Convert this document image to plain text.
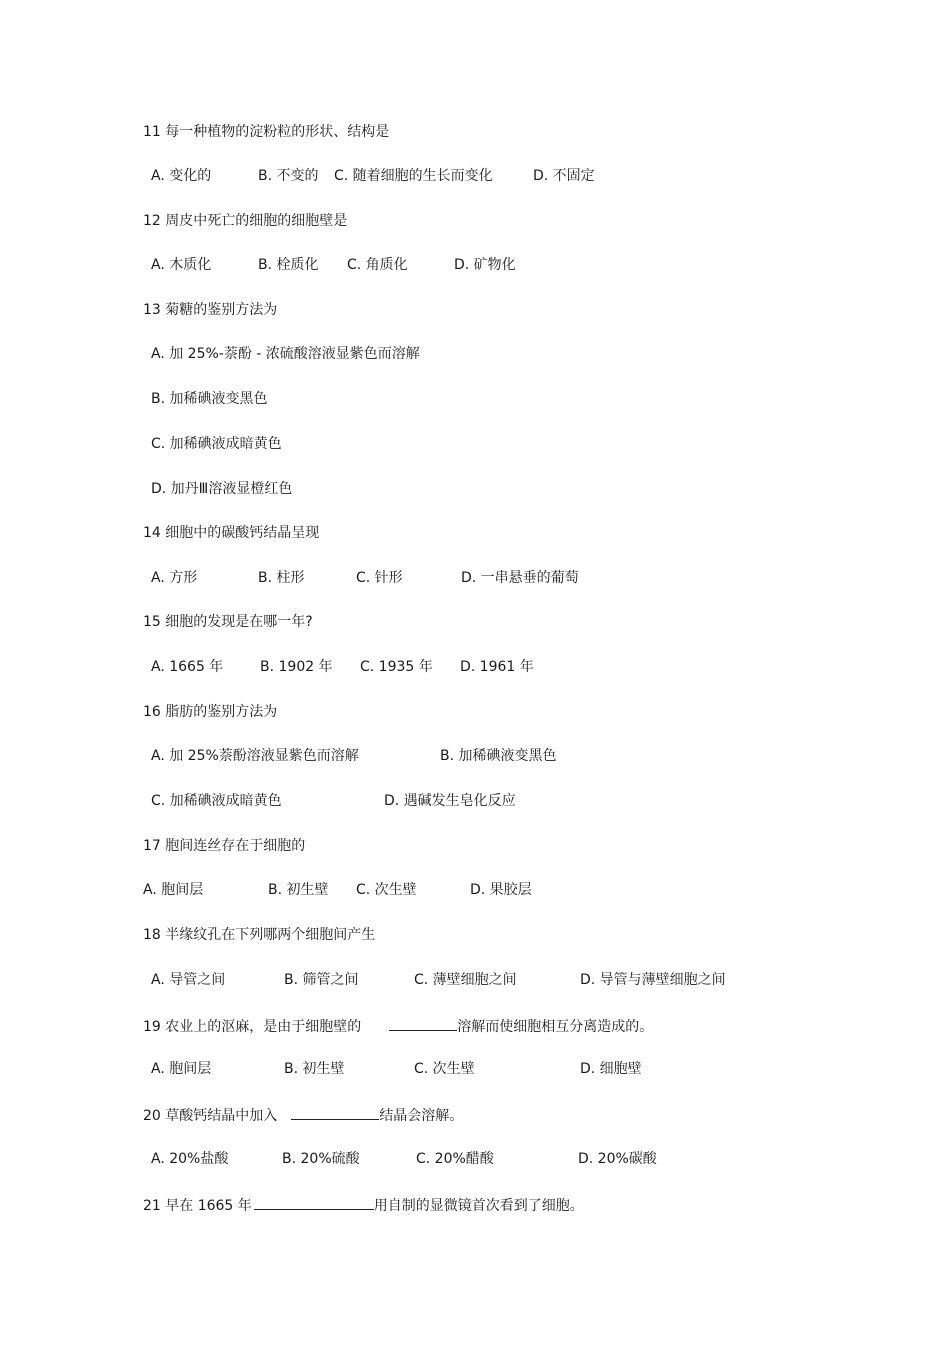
11 每一种植物的淀粉粒的形状、结构是
A. 变化的	B. 不变的 C. 随着细胞的生长而变化	D. 不固定
12 周皮中死亡的细胞的细胞壁是
A. 木质化	B. 栓质化 C. 角质化	D. 矿物化
13 菊糖的鉴别方法为
A. 加 25%-萘酚 - 浓硫酸溶液显紫色而溶解
B. 加稀碘液变黑色
C. 加稀碘液成暗黄色
D. 加丹Ⅲ溶液显橙红色
14 细胞中的碳酸钙结晶呈现
A. 方形	B. 柱形	C. 针形	D. 一串悬垂的葡萄
15 细胞的发现是在哪一年?
A. 1665 年	B. 1902 年 C. 1935 年 D. 1961 年
16 脂肪的鉴别方法为
A. 加 25%萘酚溶液显紫色而溶解	B. 加稀碘液变黑色
C. 加稀碘液成暗黄色	D. 遇碱发生皂化反应
17 胞间连丝存在于细胞的
A. 胞间层	B. 初生壁 C. 次生壁	D. 果胶层
18 半缘纹孔在下列哪两个细胞间产生
A. 导管之间	B. 筛管之间	C. 薄壁细胞之间	D. 导管与薄壁细胞之间
19 农业上的沤麻，是由于细胞壁的	溶解而使细胞相互分离造成的。
A. 胞间层	B. 初生壁	C. 次生壁	D. 细胞壁
20 草酸钙结晶中加入	结晶会溶解。
A. 20%盐酸	B. 20%硫酸	C. 20%醋酸	D. 20%碳酸
21 早在 1665 年	用自制的显微镜首次看到了细胞。
